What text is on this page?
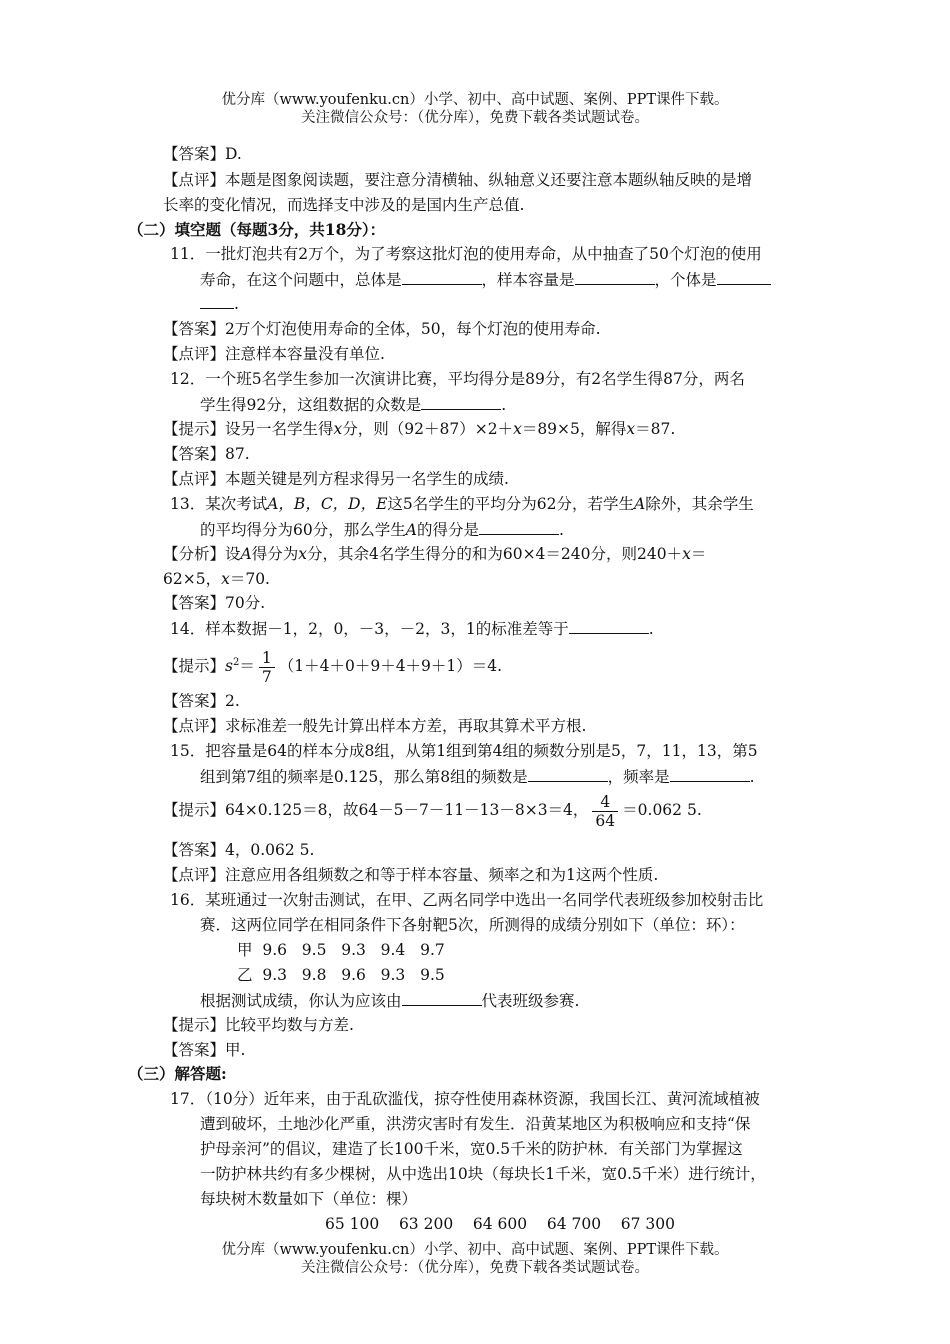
优分库（www.youfenku.cn）小学、初中、高中试题、案例、PPT课件下载。
关注微信公众号：（优分库），免费下载各类试题试卷。
【答案】D.
【点评】本题是图象阅读题，要注意分清横轴、纵轴意义还要注意本题纵轴反映的是增
长率的变化情况，而选择支中涉及的是国内生产总值.
（二）填空题（每题3分，共18分）：
11．一批灯泡共有2万个，为了考察这批灯泡的使用寿命，从中抽查了50个灯泡的使用
寿命，在这个问题中，总体是	，样本容量是	，个体是
.
【答案】2万个灯泡使用寿命的全体，50，每个灯泡的使用寿命.
【点评】注意样本容量没有单位.
12．一个班5名学生参加一次演讲比赛，平均得分是89分，有2名学生得87分，两名
学生得92分，这组数据的众数是	.
【提示】设另一名学生得x分，则（92＋87）×2＋x＝89×5，解得x＝87.
【答案】87.
【点评】本题关键是列方程求得另一名学生的成绩.
13．某次考试A，B，C，D，E这5名学生的平均分为62分，若学生A除外，其余学生
的平均得分为60分，那么学生A的得分是	.
【分析】设A得分为x分，其余4名学生得分的和为60×4＝240分，则240＋x＝
62×5，x＝70.
【答案】70分.
14．样本数据－1，2，0，－3，－2，3，1的标准差等于	.
【提示】$s^2= \frac{1}{7} (1+4+0+9+4+9+1)=4$.
【答案】2.
【点评】求标准差一般先计算出样本方差，再取其算术平方根.
15．把容量是64的样本分成8组，从第1组到第4组的频数分别是5，7，11，13，第5
组到第7组的频率是0.125，那么第8组的频数是	，频率是	.
【提示】64×0.125＝8，故64－5－7－11－13－8×3＝4， $\frac{4}{64} =0.062$ 5.
【答案】4，0.062 5.
【点评】注意应用各组频数之和等于样本容量、频率之和为1这两个性质.
16．某班通过一次射击测试，在甲、乙两名同学中选出一名同学代表班级参加校射击比
赛．这两位同学在相同条件下各射靶5次，所测得的成绩分别如下（单位：环）：
甲  9.6   9.5   9.3   9.4   9.7
乙  9.3   9.8   9.6   9.3   9.5
根据测试成绩，你认为应该由	代表班级参赛.
【提示】比较平均数与方差.
【答案】甲.
（三）解答题:
17．（10分）近年来，由于乱砍滥伐，掠夺性使用森林资源，我国长江、黄河流域植被
遭到破坏，土地沙化严重，洪涝灾害时有发生．沿黄某地区为积极响应和支持“保
护母亲河”的倡议，建造了长100千米，宽0.5千米的防护林．有关部门为掌握这
一防护林共约有多少棵树，从中选出10块（每块长1千米，宽0.5千米）进行统计，
每块树木数量如下（单位：棵）
65 100    63 200    64 600    64 700    67 300
优分库（www.youfenku.cn）小学、初中、高中试题、案例、PPT课件下载。
关注微信公众号：（优分库），免费下载各类试题试卷。
